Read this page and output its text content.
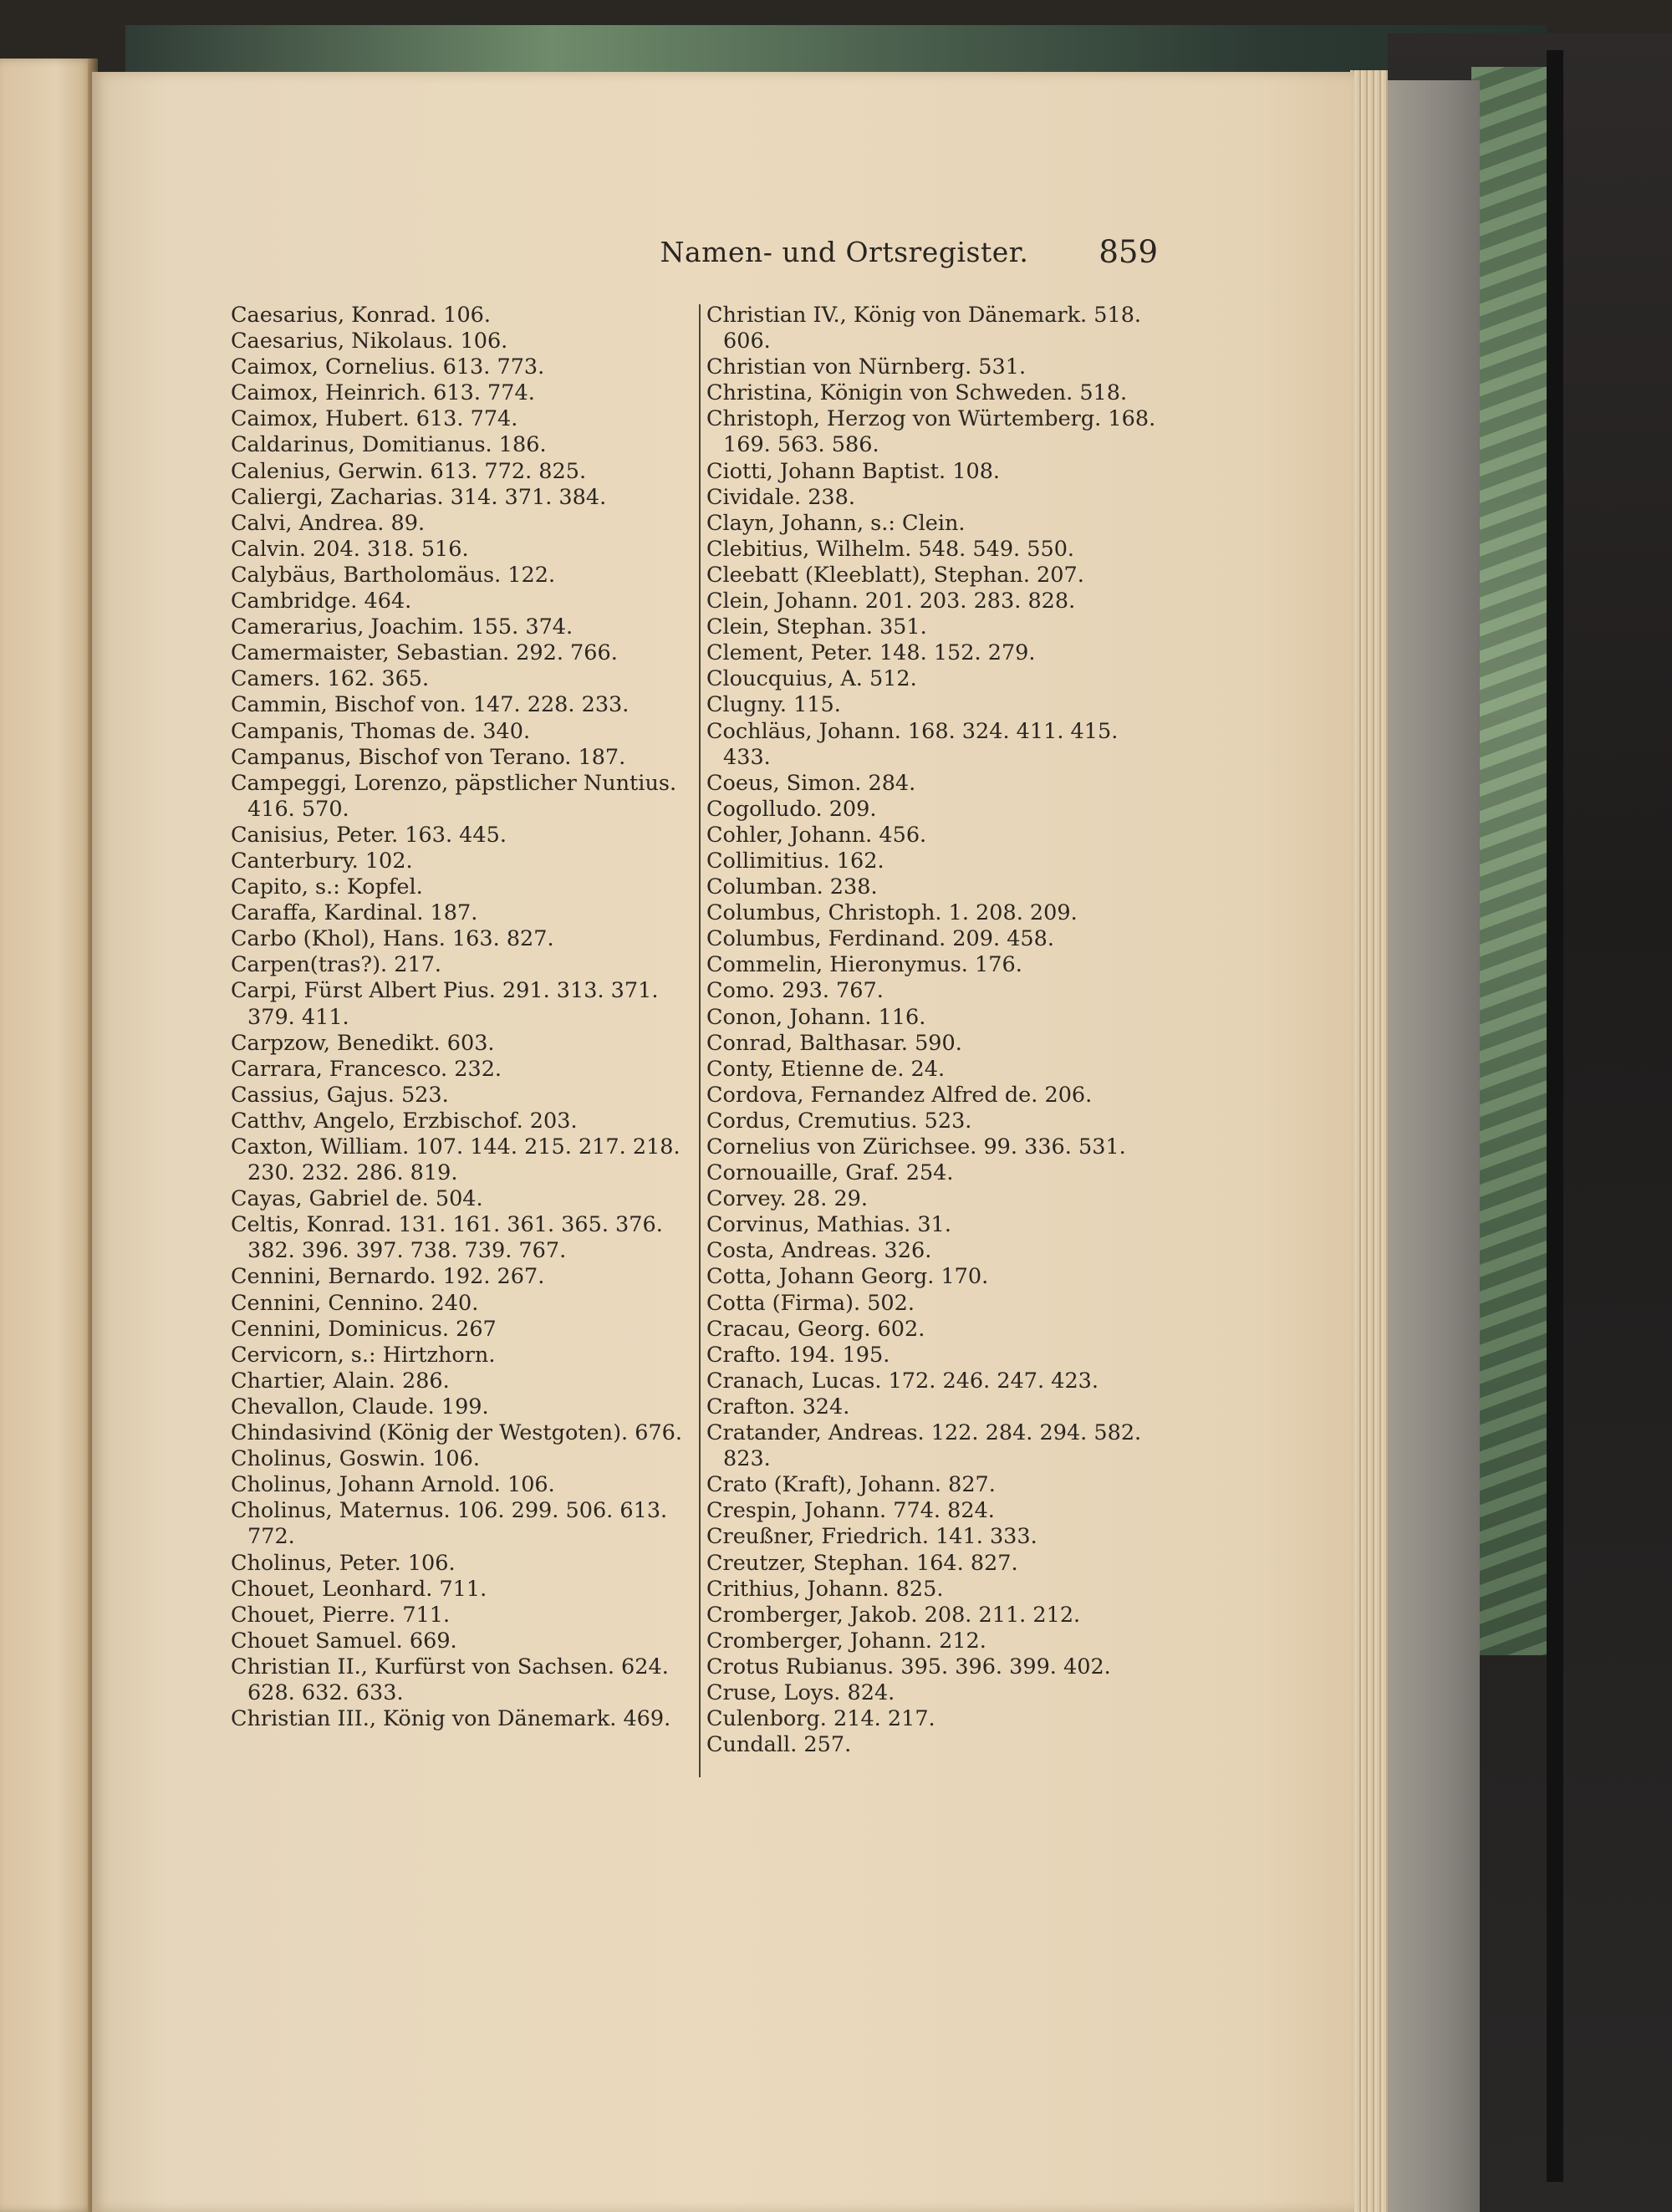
Namen- und Ortsregister.	859
Caesarius, Konrad. 106.
Caesarius, Nikolaus. 106.
Caimox, Cornelius. 613. 773.
Caimox, Heinrich. 613. 774.
Caimox, Hubert. 613. 774.
Caldarinus, Domitianus. 186.
Calenius, Gerwin. 613. 772. 825.
Caliergi, Zacharias. 314. 371. 384.
Calvi, Andrea. 89.
Calvin. 204. 318. 516.
Calybäus, Bartholomäus. 122.
Cambridge. 464.
Camerarius, Joachim. 155. 374.
Camermaister, Sebastian. 292. 766.
Camers. 162. 365.
Cammin, Bischof von. 147. 228. 233.
Campanis, Thomas de. 340.
Campanus, Bischof von Terano. 187.
Campeggi, Lorenzo, päpstlicher Nuntius. 416. 570.
Canisius, Peter. 163. 445.
Canterbury. 102.
Capito, s.: Kopfel.
Caraffa, Kardinal. 187.
Carbo (Khol), Hans. 163. 827.
Carpen(tras?). 217.
Carpi, Fürst Albert Pius. 291. 313. 371. 379. 411.
Carpzow, Benedikt. 603.
Carrara, Francesco. 232.
Cassius, Gajus. 523.
Catthv, Angelo, Erzbischof. 203.
Caxton, William. 107. 144. 215. 217. 218. 230. 232. 286. 819.
Cayas, Gabriel de. 504.
Celtis, Konrad. 131. 161. 361. 365. 376. 382. 396. 397. 738. 739. 767.
Cennini, Bernardo. 192. 267.
Cennini, Cennino. 240.
Cennini, Dominicus. 267
Cervicorn, s.: Hirtzhorn.
Chartier, Alain. 286.
Chevallon, Claude. 199.
Chindasivind (König der Westgoten). 676.
Cholinus, Goswin. 106.
Cholinus, Johann Arnold. 106.
Cholinus, Maternus. 106. 299. 506. 613. 772.
Cholinus, Peter. 106.
Chouet, Leonhard. 711.
Chouet, Pierre. 711.
Chouet Samuel. 669.
Christian II., Kurfürst von Sachsen. 624. 628. 632. 633.
Christian III., König von Dänemark. 469.
Christian IV., König von Dänemark. 518. 606.
Christian von Nürnberg. 531.
Christina, Königin von Schweden. 518.
Christoph, Herzog von Würtemberg. 168. 169. 563. 586.
Ciotti, Johann Baptist. 108.
Cividale. 238.
Clayn, Johann, s.: Clein.
Clebitius, Wilhelm. 548. 549. 550.
Cleebatt (Kleeblatt), Stephan. 207.
Clein, Johann. 201. 203. 283. 828.
Clein, Stephan. 351.
Clement, Peter. 148. 152. 279.
Cloucquius, A. 512.
Clugny. 115.
Cochläus, Johann. 168. 324. 411. 415. 433.
Coeus, Simon. 284.
Cogolludo. 209.
Cohler, Johann. 456.
Collimitius. 162.
Columban. 238.
Columbus, Christoph. 1. 208. 209.
Columbus, Ferdinand. 209. 458.
Commelin, Hieronymus. 176.
Como. 293. 767.
Conon, Johann. 116.
Conrad, Balthasar. 590.
Conty, Etienne de. 24.
Cordova, Fernandez Alfred de. 206.
Cordus, Cremutius. 523.
Cornelius von Zürichsee. 99. 336. 531.
Cornouaille, Graf. 254.
Corvey. 28. 29.
Corvinus, Mathias. 31.
Costa, Andreas. 326.
Cotta, Johann Georg. 170.
Cotta (Firma). 502.
Cracau, Georg. 602.
Crafto. 194. 195.
Cranach, Lucas. 172. 246. 247. 423.
Crafton. 324.
Cratander, Andreas. 122. 284. 294. 582. 823.
Crato (Kraft), Johann. 827.
Crespin, Johann. 774. 824.
Creußner, Friedrich. 141. 333.
Creutzer, Stephan. 164. 827.
Crithius, Johann. 825.
Cromberger, Jakob. 208. 211. 212.
Cromberger, Johann. 212.
Crotus Rubianus. 395. 396. 399. 402.
Cruse, Loys. 824.
Culenborg. 214. 217.
Cundall. 257.
